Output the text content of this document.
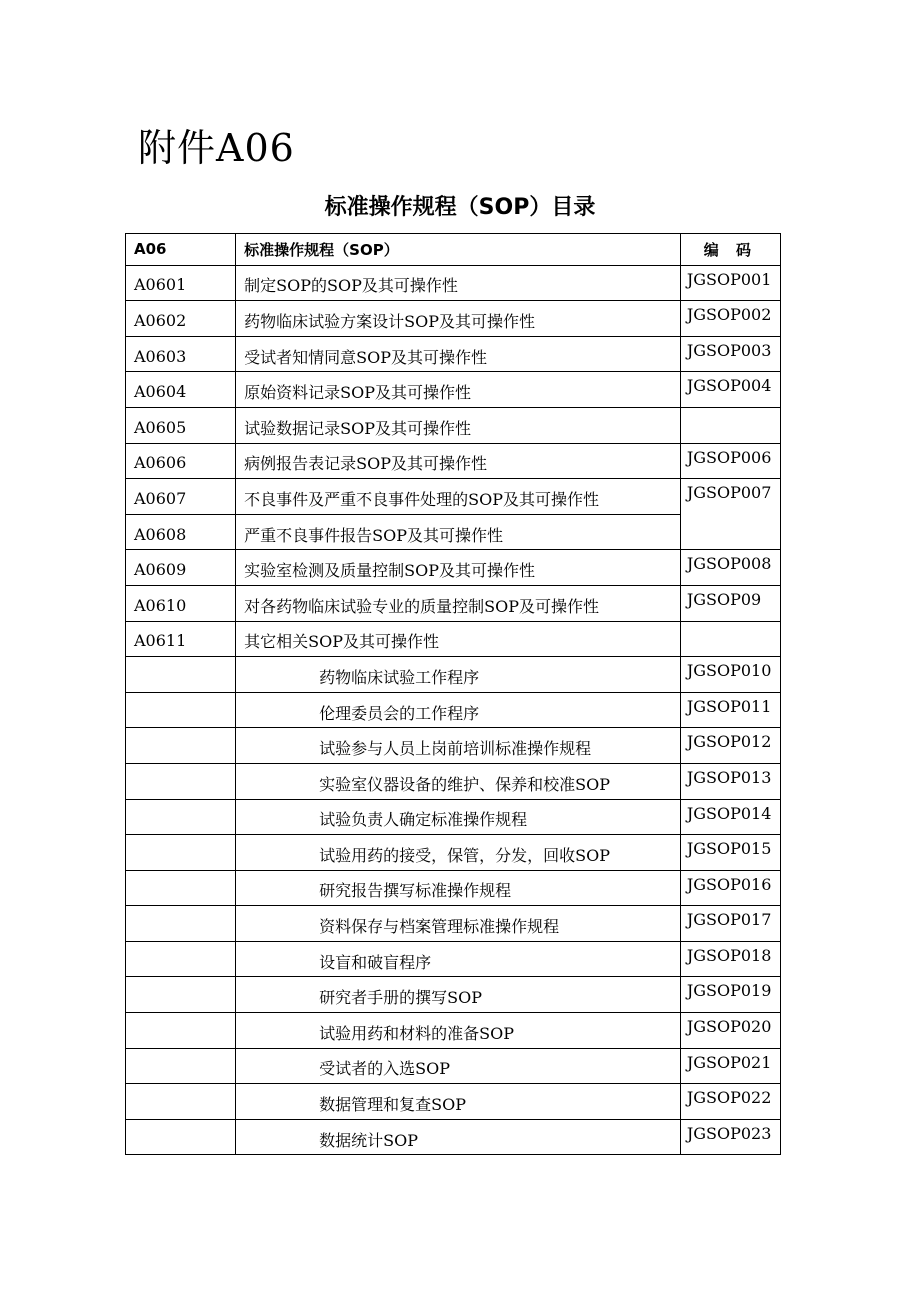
附件A06
标准操作规程（SOP）目录
A06	标准操作规程（SOP）	编 码
A0601	制定SOP的SOP及其可操作性	JGSOP001
A0602	药物临床试验方案设计SOP及其可操作性	JGSOP002
A0603	受试者知情同意SOP及其可操作性	JGSOP003
A0604	原始资料记录SOP及其可操作性	JGSOP004
A0605	试验数据记录SOP及其可操作性	
A0606	病例报告表记录SOP及其可操作性	JGSOP006
A0607	不良事件及严重不良事件处理的SOP及其可操作性	JGSOP007
A0608	严重不良事件报告SOP及其可操作性	
A0609	实验室检测及质量控制SOP及其可操作性	JGSOP008
A0610	对各药物临床试验专业的质量控制SOP及可操作性	JGSOP09
A0611	其它相关SOP及其可操作性	
	药物临床试验工作程序	JGSOP010
	伦理委员会的工作程序	JGSOP011
	试验参与人员上岗前培训标准操作规程	JGSOP012
	实验室仪器设备的维护、保养和校准SOP	JGSOP013
	试验负责人确定标准操作规程	JGSOP014
	试验用药的接受，保管，分发，回收SOP	JGSOP015
	研究报告撰写标准操作规程	JGSOP016
	资料保存与档案管理标准操作规程	JGSOP017
	设盲和破盲程序	JGSOP018
	研究者手册的撰写SOP	JGSOP019
	试验用药和材料的准备SOP	JGSOP020
	受试者的入选SOP	JGSOP021
	数据管理和复查SOP	JGSOP022
	数据统计SOP	JGSOP023
